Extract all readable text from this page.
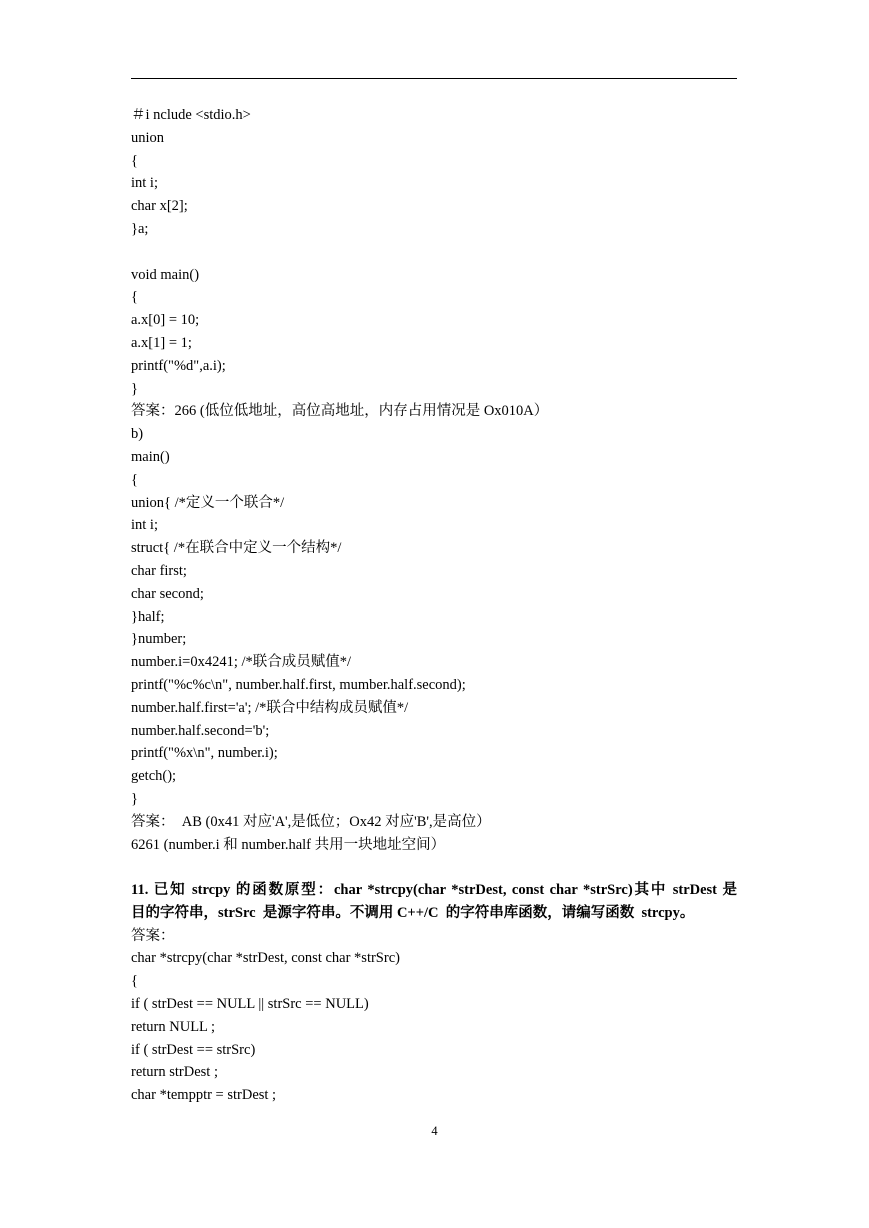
＃i nclude <stdio.h>
union
{
int i;
char x[2];
}a;
void main()
{
a.x[0] = 10;
a.x[1] = 1;
printf("%d",a.i);
}
答案：266 (低位低地址，高位高地址，内存占用情况是 Ox010A）
b)
main()
{
union{ /*定义一个联合*/
int i;
struct{ /*在联合中定义一个结构*/
char first;
char second;
}half;
}number;
number.i=0x4241; /*联合成员赋值*/
printf("%c%c\n", number.half.first, mumber.half.second);
number.half.first='a'; /*联合中结构成员赋值*/
number.half.second='b';
printf("%x\n", number.i);
getch();
}
答案：  AB (0x41 对应'A',是低位；Ox42 对应'B',是高位）
6261 (number.i 和 number.half 共用一块地址空间）
11. 已知 strcpy 的函数原型：char *strcpy(char *strDest, const char *strSrc)其中 strDest 是
目的字符串，strSrc  是源字符串。不调用 C++/C  的字符串库函数，请编写函数  strcpy。
答案：
char *strcpy(char *strDest, const char *strSrc)
{
if ( strDest == NULL || strSrc == NULL)
return NULL ;
if ( strDest == strSrc)
return strDest ;
char *tempptr = strDest ;
4
